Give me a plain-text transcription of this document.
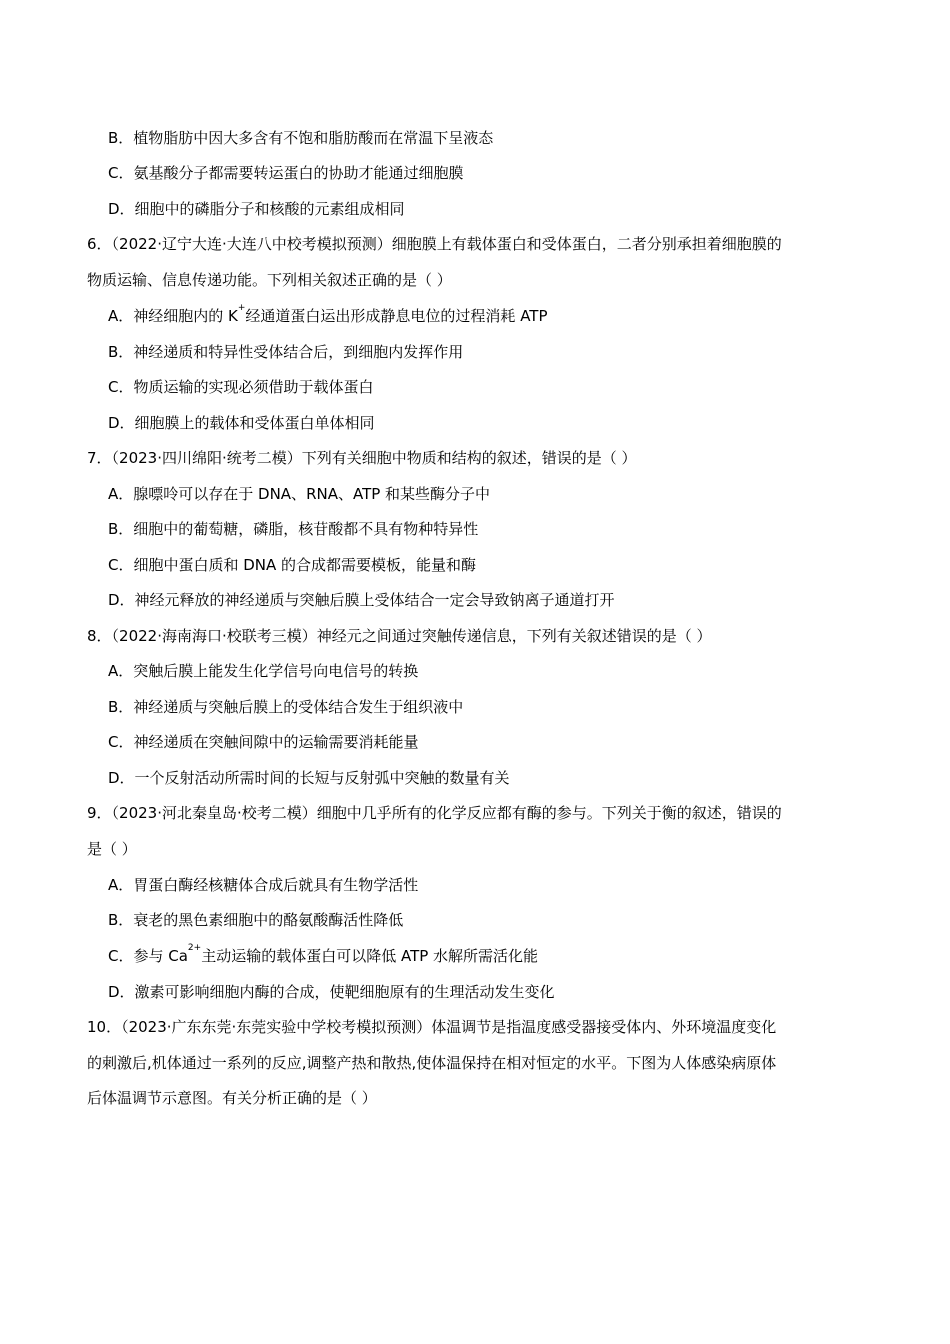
B．植物脂肪中因大多含有不饱和脂肪酸而在常温下呈液态
C．氨基酸分子都需要转运蛋白的协助才能通过细胞膜
D．细胞中的磷脂分子和核酸的元素组成相同
6．（2022·辽宁大连·大连八中校考模拟预测）细胞膜上有载体蛋白和受体蛋白，二者分别承担着细胞膜的
物质运输、信息传递功能。下列相关叙述正确的是（ ）
A．神经细胞内的 K+经通道蛋白运出形成静息电位的过程消耗 ATP
B．神经递质和特异性受体结合后，到细胞内发挥作用
C．物质运输的实现必须借助于载体蛋白
D．细胞膜上的载体和受体蛋白单体相同
7．（2023·四川绵阳·统考二模）下列有关细胞中物质和结构的叙述，错误的是（ ）
A．腺嘌呤可以存在于 DNA、RNA、ATP 和某些酶分子中
B．细胞中的葡萄糖，磷脂，核苷酸都不具有物种特异性
C．细胞中蛋白质和 DNA 的合成都需要模板，能量和酶
D．神经元释放的神经递质与突触后膜上受体结合一定会导致钠离子通道打开
8．（2022·海南海口·校联考三模）神经元之间通过突触传递信息，下列有关叙述错误的是（ ）
A．突触后膜上能发生化学信号向电信号的转换
B．神经递质与突触后膜上的受体结合发生于组织液中
C．神经递质在突触间隙中的运输需要消耗能量
D．一个反射活动所需时间的长短与反射弧中突触的数量有关
9．（2023·河北秦皇岛·校考二模）细胞中几乎所有的化学反应都有酶的参与。下列关于衡的叙述，错误的
是（ ）
A．胃蛋白酶经核糖体合成后就具有生物学活性
B．衰老的黑色素细胞中的酪氨酸酶活性降低
C．参与 $Ca^{2+}$主动运输的载体蛋白可以降低 ATP 水解所需活化能
D．激素可影响细胞内酶的合成，使靶细胞原有的生理活动发生变化
10．（2023·广东东莞·东莞实验中学校考模拟预测）体温调节是指温度感受器接受体内、外环境温度变化
的刺激后,机体通过一系列的反应,调整产热和散热,使体温保持在相对恒定的水平。下图为人体感染病原体
后体温调节示意图。有关分析正确的是（ ）
